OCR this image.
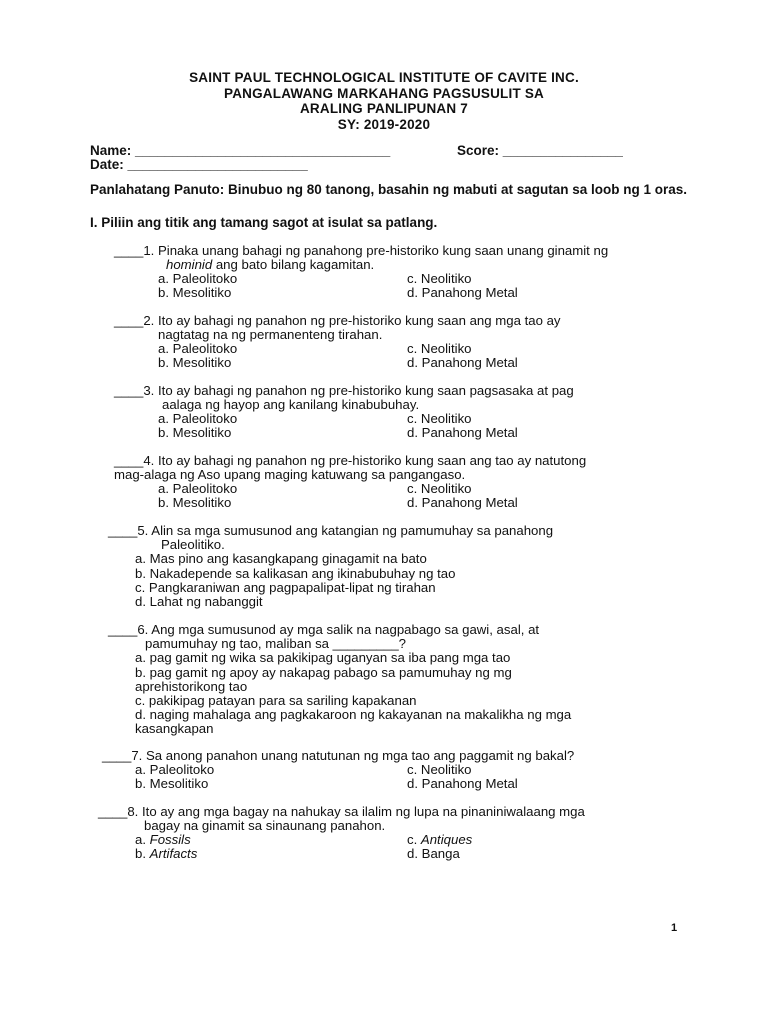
SAINT PAUL TECHNOLOGICAL INSTITUTE OF CAVITE INC.
PANGALAWANG MARKAHANG PAGSUSULIT SA
ARALING PANLIPUNAN 7
SY: 2019-2020
Name: __________________________________	Score: ________________
Date: ________________________
Panlahatang Panuto: Binubuo ng 80 tanong, basahin ng mabuti at sagutan sa loob ng 1 oras.
I. Piliin ang titik ang tamang sagot at isulat sa patlang.
____1. Pinaka unang bahagi ng panahong pre-historiko kung saan unang ginamit ng
hominid ang bato bilang kagamitan.
a. Paleolitoko
b. Mesolitiko
c. Neolitiko
d. Panahong Metal
____2. Ito ay bahagi ng panahon ng pre-historiko kung saan ang mga tao ay
nagtatag na ng permanenteng tirahan.
a. Paleolitoko
b. Mesolitiko
c. Neolitiko
d. Panahong Metal
____3. Ito ay bahagi ng panahon ng pre-historiko kung saan pagsasaka at pag
aalaga ng hayop ang kanilang kinabubuhay.
a. Paleolitoko
b. Mesolitiko
c. Neolitiko
d. Panahong Metal
____4. Ito ay bahagi ng panahon ng pre-historiko kung saan ang tao ay natutong
mag-alaga ng Aso upang maging katuwang sa pangangaso.
a. Paleolitoko
b. Mesolitiko
c. Neolitiko
d. Panahong Metal
____5. Alin sa mga sumusunod ang katangian ng pamumuhay sa panahong
Paleolitiko.
a. Mas pino ang kasangkapang ginagamit na bato
b. Nakadepende sa kalikasan ang ikinabubuhay ng tao
c. Pangkaraniwan ang pagpapalipat-lipat ng tirahan
d. Lahat ng nabanggit
____6. Ang mga sumusunod ay mga salik na nagpabago sa gawi, asal, at
pamumuhay ng tao, maliban sa _________?
a. pag gamit ng wika sa pakikipag uganyan sa iba pang mga tao
b. pag gamit ng apoy ay nakapag pabago sa pamumuhay ng mg
aprehistorikong tao
c. pakikipag patayan para sa sariling kapakanan
d. naging mahalaga ang pagkakaroon ng kakayanan na makalikha ng mga
kasangkapan
____7. Sa anong panahon unang natutunan ng mga tao ang paggamit ng bakal?
a. Paleolitoko
b. Mesolitiko
c. Neolitiko
d. Panahong Metal
____8. Ito ay ang mga bagay na nahukay sa ilalim ng lupa na pinaniniwalaang mga
bagay na ginamit sa sinaunang panahon.
a. Fossils
b. Artifacts
c. Antiques
d. Banga
1
